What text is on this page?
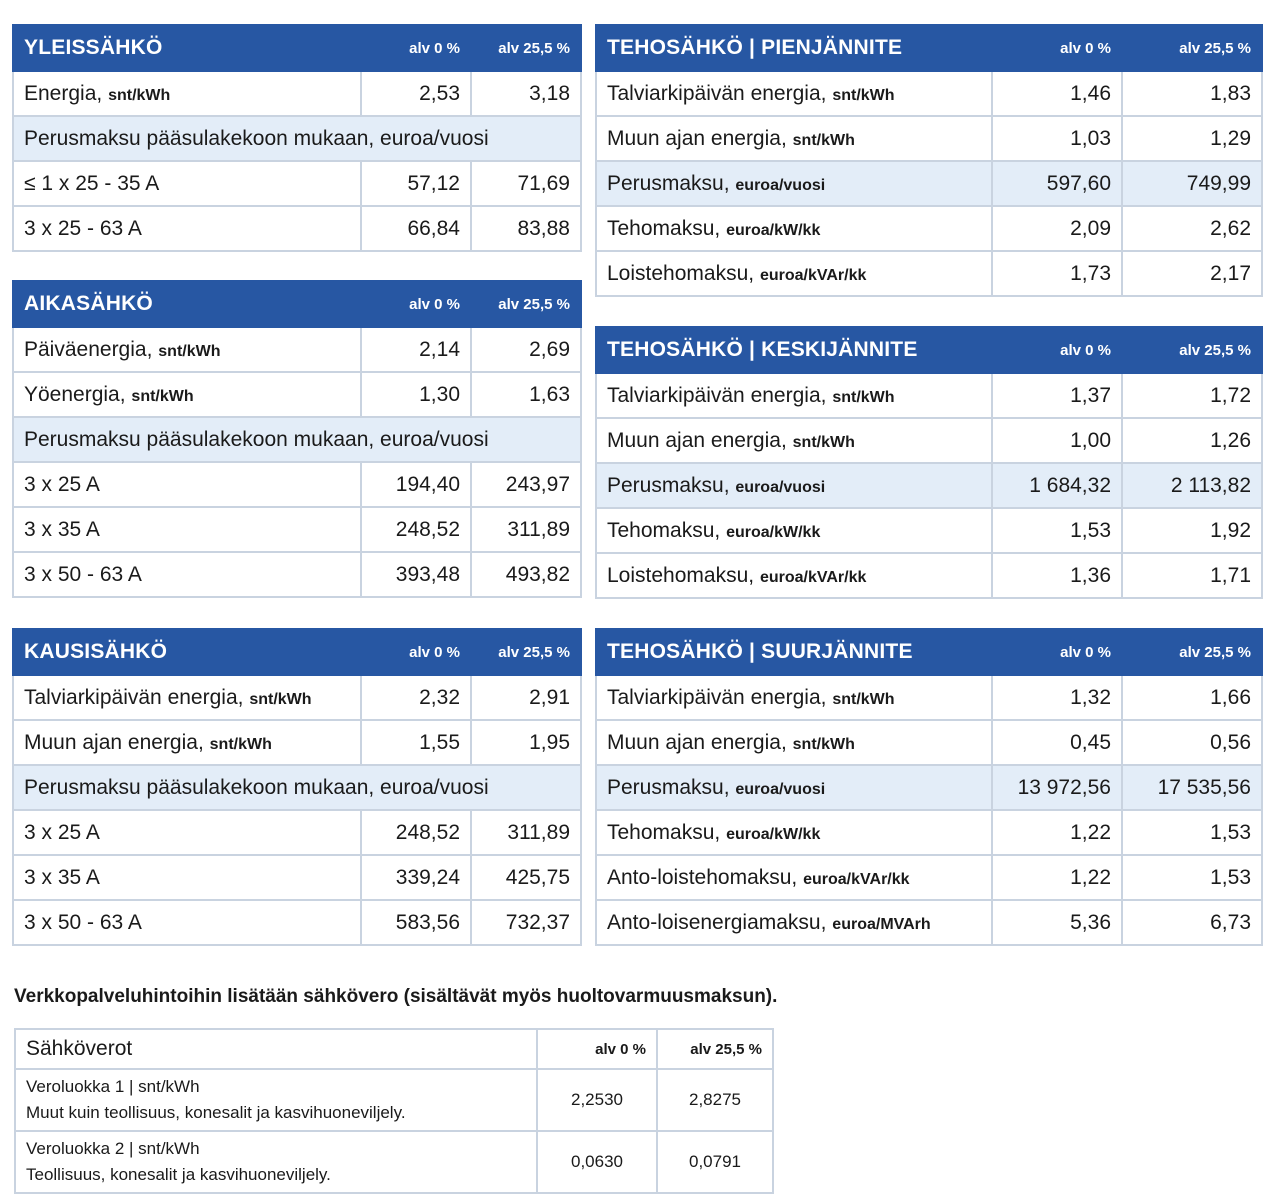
YLEISSÄHKÖ	alv 0 %	alv 25,5 %
Energia, snt/kWh	2,53	3,18
Perusmaksu pääsulakekoon mukaan, euroa/vuosi		
≤ 1 x 25 - 35 A	57,12	71,69
3 x 25 - 63 A	66,84	83,88
AIKASÄHKÖ	alv 0 %	alv 25,5 %
Päiväenergia, snt/kWh	2,14	2,69
Yöenergia, snt/kWh	1,30	1,63
Perusmaksu pääsulakekoon mukaan, euroa/vuosi		
3 x 25 A	194,40	243,97
3 x 35 A	248,52	311,89
3 x 50 - 63 A	393,48	493,82
KAUSISÄHKÖ	alv 0 %	alv 25,5 %
Talviarkipäivän energia, snt/kWh	2,32	2,91
Muun ajan energia, snt/kWh	1,55	1,95
Perusmaksu pääsulakekoon mukaan, euroa/vuosi		
3 x 25 A	248,52	311,89
3 x 35 A	339,24	425,75
3 x 50 - 63 A	583,56	732,37
TEHOSÄHKÖ | PIENJÄNNITE	alv 0 %	alv 25,5 %
Talviarkipäivän energia, snt/kWh	1,46	1,83
Muun ajan energia, snt/kWh	1,03	1,29
Perusmaksu, euroa/vuosi	597,60	749,99
Tehomaksu, euroa/kW/kk	2,09	2,62
Loistehomaksu, euroa/kVAr/kk	1,73	2,17
TEHOSÄHKÖ | KESKIJÄNNITE	alv 0 %	alv 25,5 %
Talviarkipäivän energia, snt/kWh	1,37	1,72
Muun ajan energia, snt/kWh	1,00	1,26
Perusmaksu, euroa/vuosi	1 684,32	2 113,82
Tehomaksu, euroa/kW/kk	1,53	1,92
Loistehomaksu, euroa/kVAr/kk	1,36	1,71
TEHOSÄHKÖ | SUURJÄNNITE	alv 0 %	alv 25,5 %
Talviarkipäivän energia, snt/kWh	1,32	1,66
Muun ajan energia, snt/kWh	0,45	0,56
Perusmaksu, euroa/vuosi	13 972,56	17 535,56
Tehomaksu, euroa/kW/kk	1,22	1,53
Anto-loistehomaksu, euroa/kVAr/kk	1,22	1,53
Anto-loisenergiamaksu, euroa/MVArh	5,36	6,73
Verkkopalveluhintoihin lisätään sähkövero (sisältävät myös huoltovarmuusmaksun).
Sähköverot	alv 0 %	alv 25,5 %

Veroluokka 1 | snt/kWh
Muut kuin teollisuus, konesalit ja kasvihuoneviljely.	2,2530	2,8275

Veroluokka 2 | snt/kWh
Teollisuus, konesalit ja kasvihuoneviljely.	0,0630	0,0791
